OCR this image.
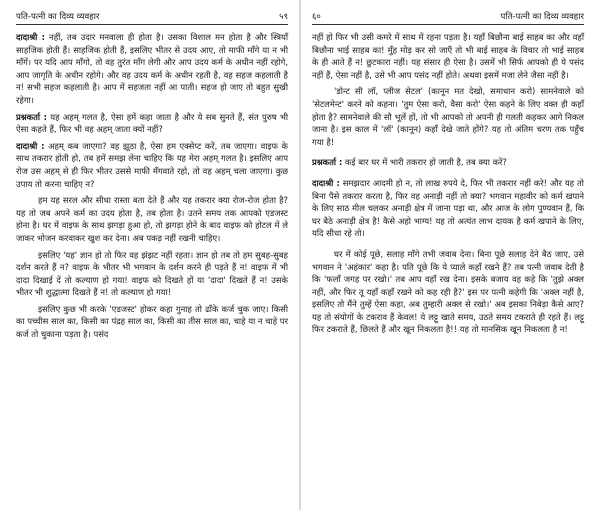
पति-पत्नी का दिव्य व्यवहार	५९

दादाश्री : नहीं, तब उदार मनवाला ही होता है। उसका विशाल मन होता है और स्त्रियाँ साहजिक होती हैं। साहजिक होती हैं, इसलिए भीतर से उदय आए, तो माफी माँगे या न भी माँगें। पर यदि आप माँगो, तो वह तुरंत माँग लेगी और आप उदय कर्म के अधीन नहीं रहोगे, आप जागृति के अधीन रहोगे। और वह उदय कर्म के अधीन रहती है, वह सहज कहलाती है न! सभी सहज कहलाती है। आप में सहजता नहीं आ पाती। सहज हो जाए तो बहुत सुखी रहेगा।

प्रश्नकर्ता : यह अहम् गलत है, ऐसा हमें कहा जाता है और ये सब सुनते हैं, संत पुरुष भी ऐसा कहते हैं, फिर भी वह अहम् जाता क्यों नहीं?

दादाश्री : अहम् कब जाएगा? वह झूठा है, ऐसा हम एक्सेप्ट करें, तब जाएगा। वाइफ के साथ तकरार होती हो, तब हमें समझ लेना चाहिए कि यह मेरा अहम् गलत है। इसलिए आप रोज उस अहम् से ही फिर भीतर उससे माफी मँगवाते रहो, तो वह अहम् चला जाएगा। कुछ उपाय तो करना चाहिए न?

हम यह सरल और सीधा रास्ता बता देते हैं और यह तकरार क्या रोज-रोज होता है? यह तो जब अपने कर्म का उदय होता है, तब होता है। उतने समय तक आपको एडजस्ट होना है। घर में वाइफ के साथ झगड़ा हुआ हो, तो झगड़ा होने के बाद वाइफ को होटल में ले जाकर भोजन करवाकर खुश कर देना। अब पकड़ नहीं रखनी चाहिए।

इसलिए 'यह' ज्ञान हो तो फिर वह झंझट नहीं रहता। ज्ञान हो तब तो हम सुबह-सुबह दर्शन करते हैं न? वाइफ के भीतर भी भगवान के दर्शन करने ही पड़ते हैं न! वाइफ में भी दादा दिखाई दें तो कल्याण हो गया! वाइफ को दिखते हों या 'दादा' दिखते हैं न! उसके भीतर भी शुद्धात्मा दिखते हैं न! तो कल्याण हो गया!

इसलिए कुछ भी करके 'एडजस्ट' होकर कहा गुनाह तो ढाँके कर्ज चुक जाए। किसी का पच्चीस साल का, किसी का पंद्रह साल का, किसी का तीस साल का, चाहे या न चाहे पर कर्ज तो चुकाना पड़ता है। पसंद

६०	पति-पत्नी का दिव्य व्यवहार

नहीं हो फिर भी उसी कमरे में साथ में रहना पड़ता है। यहाँ बिछौना बाई साहब का और वहाँ बिछौना भाई साहब का! मुँह मोड़ कर सो जाएँ तो भी बाई साहब के विचार तो भाई साहब के ही आते हैं न! छुटकारा नहीं। यह संसार ही ऐसा है। उसमें भी सिर्फ आपको ही ये पसंद नहीं हैं, ऐसा नहीं है, उसे भी आप पसंद नहीं होते। अथवा इसमें मजा लेने जैसा नहीं है।

'डोन्ट सी लॉ, प्लीज सेटल' (कानून मत देखो, समाधान करो) सामनेवाले को 'सेटलमेन्ट' करने को कहना। 'तुम ऐसा करो, वैसा करो' ऐसा कहने के लिए वक्त ही कहाँ होता है? सामनेवाले की सौ भूलें हों, तो भी आपको तो अपनी ही गलती कहकर आगे निकल जाना है। इस काल में 'लॉ' (कानून) कहाँ देखे जाते होंगे? यह तो अंतिम चरण तक पहुँच गया है!

प्रश्नकर्ता : कई बार घर में भारी तकरार हो जाती है, तब क्या करें?

दादाश्री : समझदार आदमी हो न, तो लाख रुपये दे, फिर भी तकरार नहीं करे! और यह तो बिना पैसे तकरार करता है, फिर वह अनाड़ी नहीं तो क्या? भगवान महावीर को कर्म खपाने के लिए साठ मील चलकर अनाड़ी क्षेत्र में जाना पड़ा था, और आज के लोग पुण्यवान हैं, कि घर बैठे अनाड़ी क्षेत्र है! कैसे अहो भाग्य! यह तो अत्यंत लाभ दायक है कर्म खपाने के लिए, यदि सीधा रहे तो।

घर में कोई पूछे, सलाह माँगे तभी जवाब देना। बिना पूछे सलाह देने बैठ जाए, उसे भगवान ने 'अहंकार' कहा है। पति पूछे कि ये प्याले कहाँ रखने हैं? तब पत्नी जवाब देती है कि 'फलाँ जगह पर रखो।' तब आप वहाँ रख देना। इसके बजाय वह कहे कि 'तुझे अक्ल नहीं, और फिर तू यहाँ कहाँ रखने को कह रही है?' इस पर पत्नी कहेगी कि 'अक्ल नहीं है, इसलिए तो मैंने तुम्हें ऐसा कहा, अब तुम्हारी अक्ल से रखो।' अब इसका निबेड़ा कैसे आए? यह तो संयोगों के टकराव हैं केवल! ये लट्टू खाते समय, उठते समय टकराते ही रहते हैं। लट्टू फिर टकराते हैं, छिलते हैं और खून निकलता है!! यह तो मानसिक खून निकलता है न!
